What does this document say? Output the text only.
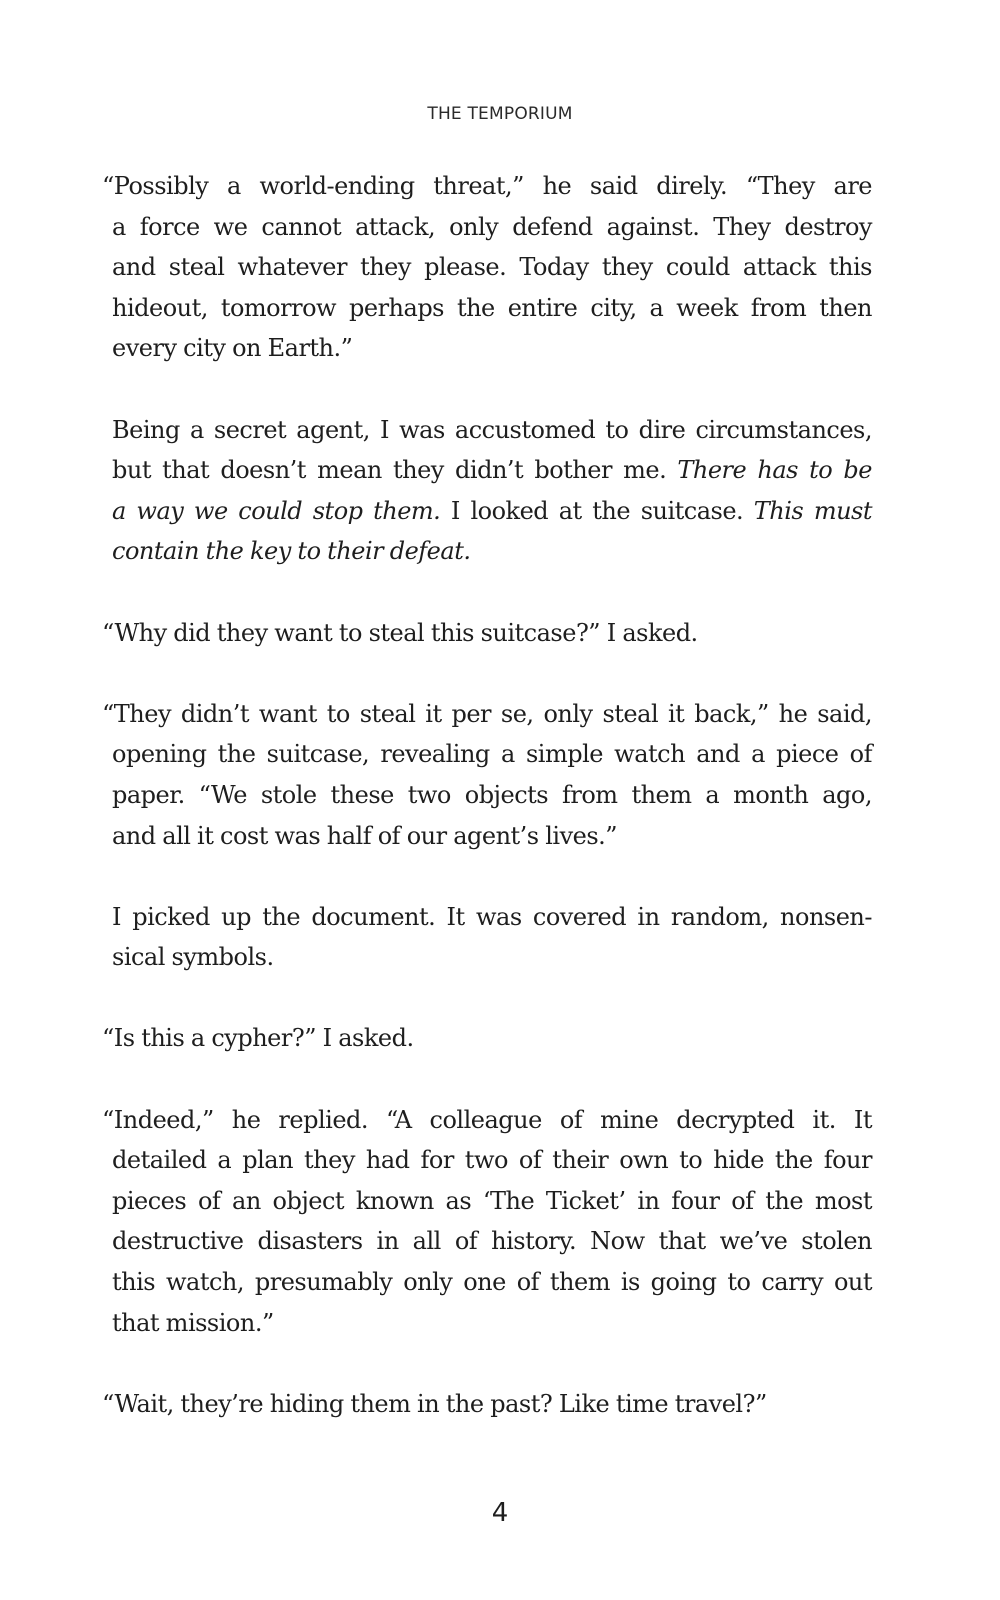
THE TEMPORIUM

“Possibly a world-ending threat,” he said direly. “They are
a force we cannot attack, only defend against. They destroy
and steal whatever they please. Today they could attack this
hideout, tomorrow perhaps the entire city, a week from then
every city on Earth.”

Being a secret agent, I was accustomed to dire circumstances,
but that doesn’t mean they didn’t bother me. There has to be
a way we could stop them. I looked at the suitcase. This must
contain the key to their defeat.

“Why did they want to steal this suitcase?” I asked.

“They didn’t want to steal it per se, only steal it back,” he said,
opening the suitcase, revealing a simple watch and a piece of
paper. “We stole these two objects from them a month ago,
and all it cost was half of our agent’s lives.”

I picked up the document. It was covered in random, nonsen-
sical symbols.

“Is this a cypher?” I asked.

“Indeed,” he replied. “A colleague of mine decrypted it. It
detailed a plan they had for two of their own to hide the four
pieces of an object known as ‘The Ticket’ in four of the most
destructive disasters in all of history. Now that we’ve stolen
this watch, presumably only one of them is going to carry out
that mission.”

“Wait, they’re hiding them in the past? Like time travel?”

4
